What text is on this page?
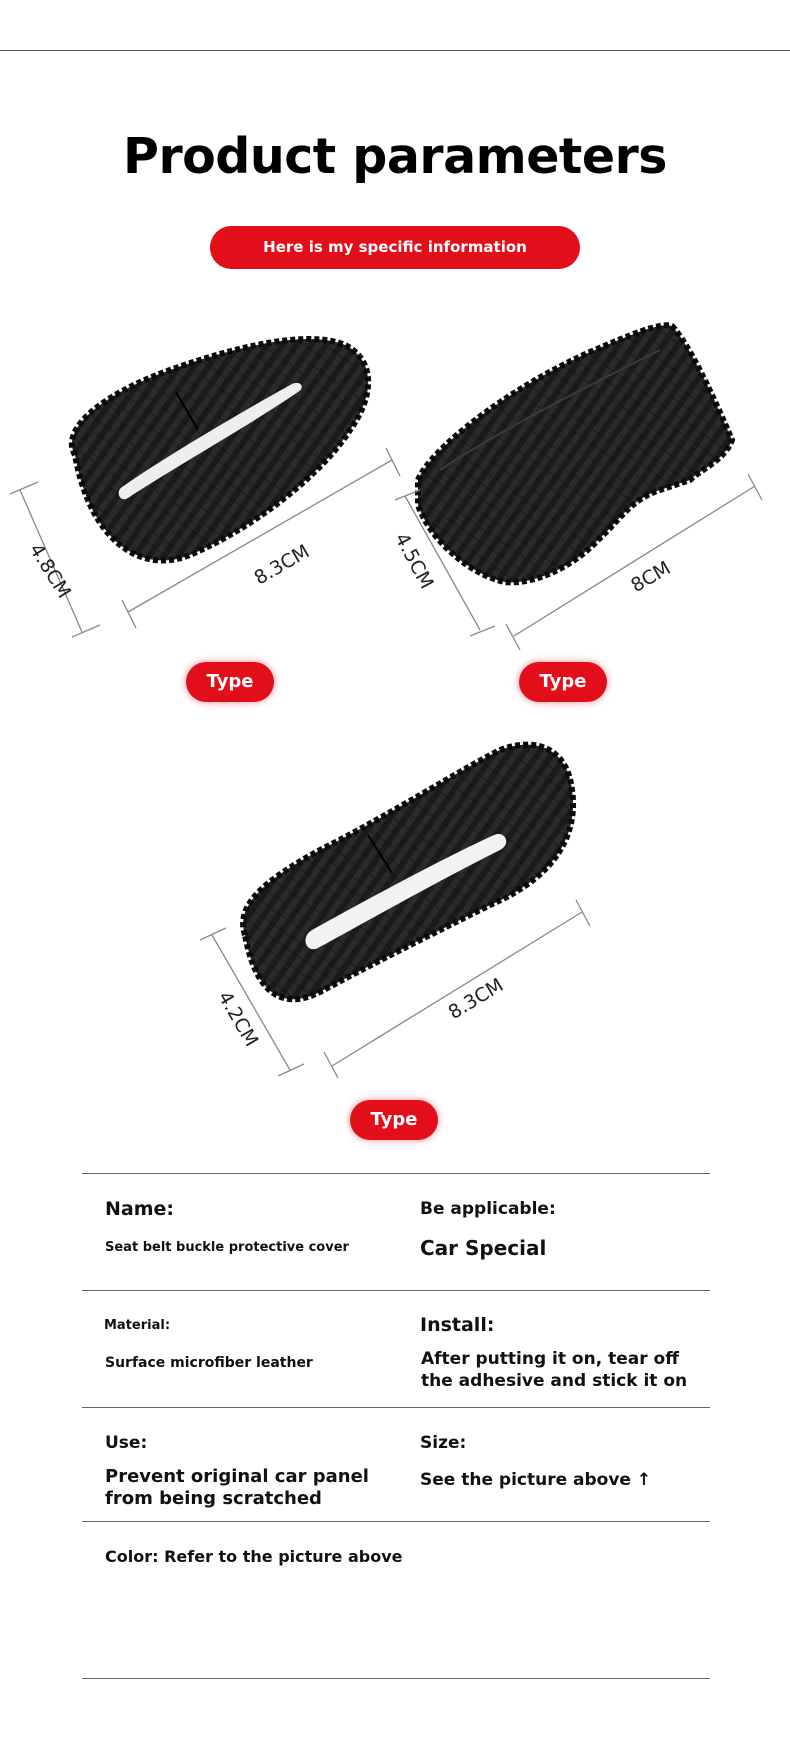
Product parameters
Here is my specific information
4.8CM	8.3CM	4.5CM	8CM
4.2CM	8.3CM
Type A
Type B
Type C
Name:
Seat belt buckle protective cover
Be applicable:
Car Special
Material:
Surface microfiber leather
Install:
After putting it on, tear off the adhesive and stick it on
Use:
Prevent original car panel from being scratched
Size:
See the picture above ↑
Color: Refer to the picture above
